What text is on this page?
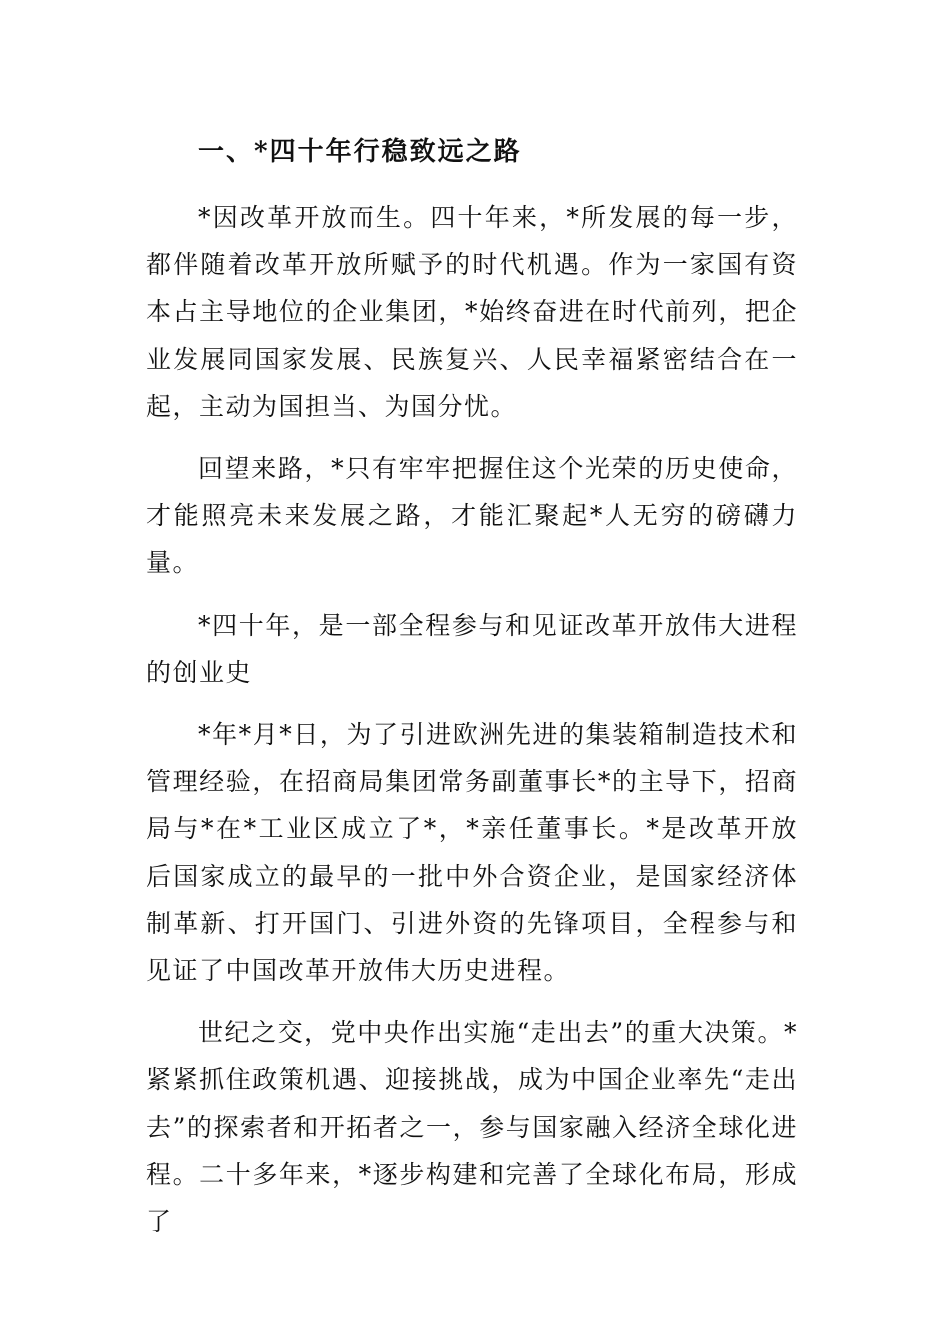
一、*四十年行稳致远之路

*因改革开放而生。四十年来，*所发展的每一步，都伴随着改革开放所赋予的时代机遇。作为一家国有资本占主导地位的企业集团，*始终奋进在时代前列，把企业发展同国家发展、民族复兴、人民幸福紧密结合在一起，主动为国担当、为国分忧。

回望来路，*只有牢牢把握住这个光荣的历史使命，才能照亮未来发展之路，才能汇聚起*人无穷的磅礴力量。

*四十年，是一部全程参与和见证改革开放伟大进程的创业史

*年*月*日，为了引进欧洲先进的集装箱制造技术和管理经验，在招商局集团常务副董事长*的主导下，招商局与*在*工业区成立了*，*亲任董事长。*是改革开放后国家成立的最早的一批中外合资企业，是国家经济体制革新、打开国门、引进外资的先锋项目，全程参与和见证了中国改革开放伟大历史进程。

世纪之交，党中央作出实施“走出去”的重大决策。*紧紧抓住政策机遇、迎接挑战，成为中国企业率先“走出去”的探索者和开拓者之一，参与国家融入经济全球化进程。二十多年来，*逐步构建和完善了全球化布局，形成了
